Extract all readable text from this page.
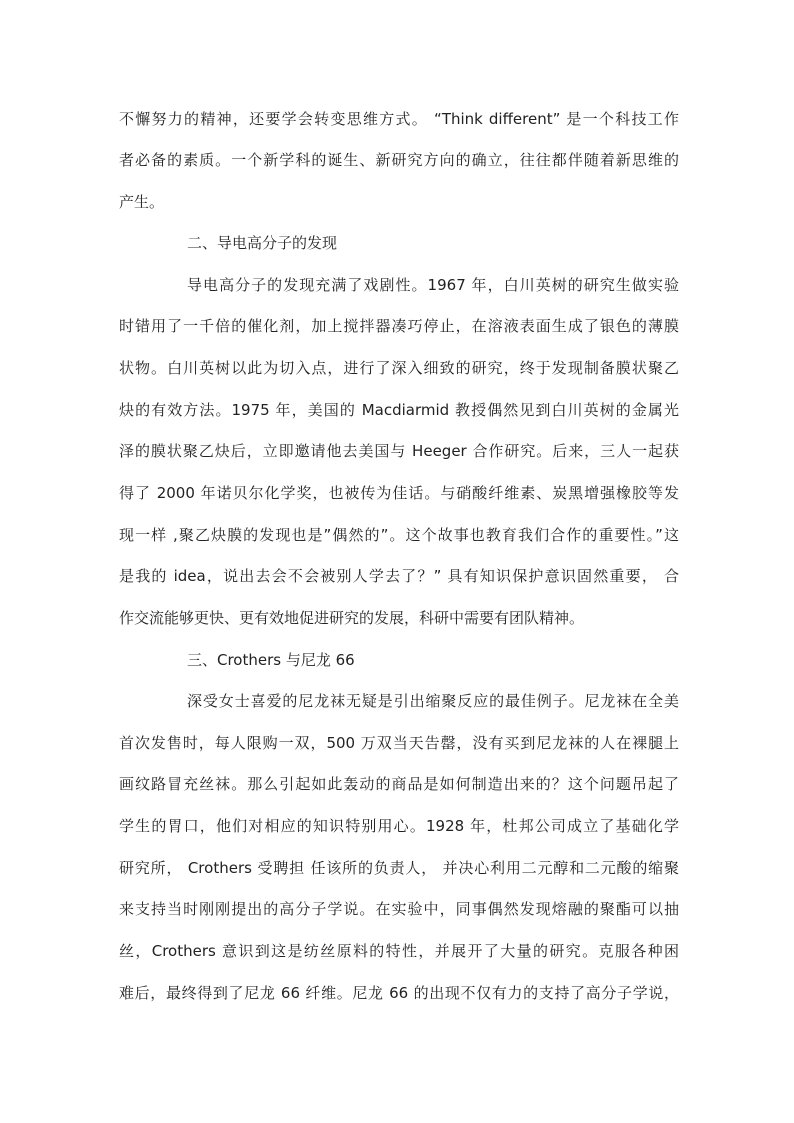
不懈努力的精神，还要学会转变思维方式。 “Think different” 是一个科技工作
者必备的素质。一个新学科的诞生、新研究方向的确立，往往都伴随着新思维的
产生。
二、导电高分子的发现
导电高分子的发现充满了戏剧性。1967 年，白川英树的研究生做实验
时错用了一千倍的催化剂，加上搅拌器凑巧停止，在溶液表面生成了银色的薄膜
状物。白川英树以此为切入点，进行了深入细致的研究，终于发现制备膜状聚乙
炔的有效方法。1975 年，美国的 Macdiarmid 教授偶然见到白川英树的金属光
泽的膜状聚乙炔后，立即邀请他去美国与 Heeger 合作研究。后来，三人一起获
得了 2000 年诺贝尔化学奖，也被传为佳话。与硝酸纤维素、炭黑增强橡胶等发
现一样 ,聚乙炔膜的发现也是”偶然的”。这个故事也教育我们合作的重要性。”这
是我的 idea，说出去会不会被别人学去了？” 具有知识保护意识固然重要， 合
作交流能够更快、更有效地促进研究的发展，科研中需要有团队精神。
三、Crothers 与尼龙 66
深受女士喜爱的尼龙袜无疑是引出缩聚反应的最佳例子。尼龙袜在全美
首次发售时，每人限购一双，500 万双当天告罄，没有买到尼龙袜的人在裸腿上
画纹路冒充丝袜。那么引起如此轰动的商品是如何制造出来的？这个问题吊起了
学生的胃口，他们对相应的知识特别用心。1928 年，杜邦公司成立了基础化学
研究所， Crothers 受聘担 任该所的负责人， 并决心利用二元醇和二元酸的缩聚
来支持当时刚刚提出的高分子学说。在实验中，同事偶然发现熔融的聚酯可以抽
丝，Crothers 意识到这是纺丝原料的特性，并展开了大量的研究。克服各种困
难后，最终得到了尼龙 66 纤维。尼龙 66 的出现不仅有力的支持了高分子学说，
